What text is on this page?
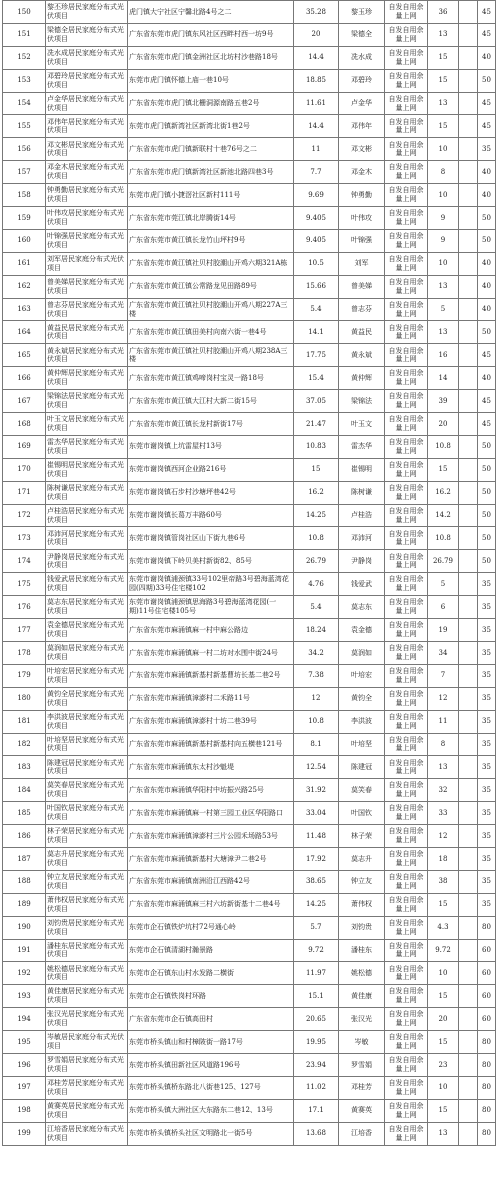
150	黎丕珍居民家庭分布式光伏项目	虎门镇大宁社区宁馨北路4号之二	35.28	黎玉珍	自发自用余量上网	36		45
151	梁德全居民家庭分布式光伏项目	广东省东莞市虎门镇东风社区西畔村西一坊9号	20	梁德全	自发自用余量上网	13		45
152	冼水成居民家庭分布式光伏项目	广东省东莞市虎门镇金洲社区北坊村沙巷路18号	14.4	冼水成	自发自用余量上网	15		40
153	邓碧玲居民家庭分布式光伏项目	东莞市虎门镇怀德上庙一巷10号	18.85	邓碧玲	自发自用余量上网	15		50
154	卢金华居民家庭分布式光伏项目	广东省东莞市虎门镇北栅洞源南路五巷2号	11.61	卢金华	自发自用余量上网	13		45
155	邓伟年居民家庭分布式光伏项目	东莞市虎门镇新湾社区新湾北街1巷2号	14.4	邓伟年	自发自用余量上网	15		45
156	邓文彬居民家庭分布式光伏项目	广东省东莞市虎门镇新联村十巷76号之二	11	邓文彬	自发自用余量上网	10		35
157	邓金木居民家庭分布式光伏项目	广东省东莞市虎门镇新湾社区新池北路四巷3号	7.7	邓金木	自发自用余量上网	8		40
158	钟勇勤居民家庭分布式光伏项目	东莞市虎门镇小捷滘社区新村111号	9.69	钟勇勤	自发自用余量上网	10		40
159	叶伟攻居民家庭分布式光伏项目	广东省东莞市莞江镇北岸腾街14号	9.405	叶伟攻	自发自用余量上网	9		50
160	叶锦强居民家庭分布式光伏项目	广东省东莞市黄江镇长龙竹山坪村9号	9.405	叶锦强	自发自用余量上网	9		50
161	刘军居民家庭分布式光伏项目	广东省东莞市黄江镇社贝村胶潮山开鸡六期321A栋	10.5	刘军	自发自用余量上网	10		40
162	曾美娣居民家庭分布式光伏项目	广东省东莞市黄江镇公常路龙见田路89号	15.66	曾美娣	自发自用余量上网	13		40
163	曾志芬居民家庭分布式光伏项目	广东省东莞市黄江镇社贝村胶潮山开鸡八期227A三楼	5.4	曾志芬	自发自用余量上网	5		40
164	黄益民居民家庭分布式光伏项目	广东省东莞市黄江镇田美村向南六街一巷4号	14.1	黄益民	自发自用余量上网	13		50
165	黄永斌居民家庭分布式光伏项目	广东省东莞市黄江镇社贝村胶潮山开鸡八期238A三楼	17.75	黄永斌	自发自用余量上网	16		45
166	黄仲辉居民家庭分布式光伏项目	广东省东莞市黄江镇鸡啼岗村宝灵一路18号	15.4	黄仲辉	自发自用余量上网	14		40
167	梁锦法居民家庭分布式光伏项目	广东省东莞市黄江镇大江村大新二街15号	37.05	梁锦法	自发自用余量上网	39		45
168	叶玉文居民家庭分布式光伏项目	广东省东莞市黄江镇长龙村新街17号	21.47	叶玉文	自发自用余量上网	20		45
169	雷杰华居民家庭分布式光伏项目	东莞市谢岗镇上坑雷屋村13号	10.83	雷杰华	自发自用余量上网	10.8		50
170	崔锡明居民家庭分布式光伏项目	东莞市谢岗镇西河企业路216号	15	崔锡明	自发自用余量上网	15		50
171	陈树谦居民家庭分布式光伏项目	东莞市谢岗镇石步村沙塘坪巷42号	16.2	陈树谦	自发自用余量上网	16.2		50
172	卢桂浩居民家庭分布式光伏项目	东莞市谢岗镇长葛万丰路60号	14.25	卢桂浩	自发自用余量上网	14.2		50
173	邓沛河居民家庭分布式光伏项目	东莞市谢岗镇管岗社区山下街九巷6号	10.8	邓沛河	自发自用余量上网	10.8		50
174	尹静岗居民家庭分布式光伏项目	东莞市谢岗镇下岭贝美村新街82、85号	26.79	尹静岗	自发自用余量上网	26.79		50
175	钱爱武居民家庭分布式光伏项目	东莞市谢岗镇浦颈镇33号102里帝路3号碧海蓝湾花园(四期)33号住宅楼102	4.76	钱爱武	自发自用余量上网	5		35
176	莫志东居民家庭分布式光伏项目	东莞市谢岗镇浦颈镇思海路3号碧海蓝湾花园(一期)11号住宅楼105号	5.4	莫志东	自发自用余量上网	6		35
177	袁金德居民家庭分布式光伏项目	广东省东莞市麻涌镇麻一村中麻公路边	18.24	袁金德	自发自用余量上网	19		35
178	莫润如居民家庭分布式光伏项目	广东省东莞市麻涌镇麻一村二坊对水围中街24号	34.2	莫润如	自发自用余量上网	34		35
179	叶培宏居民家庭分布式光伏项目	广东省东莞市麻涌镇新基村新基曹坊长基二巷2号	7.38	叶培宏	自发自用余量上网	7		35
180	黄钧全居民家庭分布式光伏项目	广东省东莞市麻涌镇漳澎村二禾路11号	12	黄钧全	自发自用余量上网	12		35
181	李洪波居民家庭分布式光伏项目	广东省东莞市麻涌镇漳澎村十坊二巷39号	10.8	李洪波	自发自用余量上网	11		35
182	叶培坚居民家庭分布式光伏项目	广东省东莞市麻涌镇新基村新基村向五横巷121号	8.1	叶培坚	自发自用余量上网	8		35
183	陈建冠居民家庭分布式光伏项目	广东省东莞市麻涌镇东太村沙魁堤	12.54	陈建冠	自发自用余量上网	13		35
184	莫笑春居民家庭分布式光伏项目	广东省东莞市麻涌镇华阳村中坊振兴路25号	31.92	莫笑春	自发自用余量上网	32		35
185	叶国钦居民家庭分布式光伏项目	广东省东莞市麻涌镇麻一村第三园工业区华阳路口	33.04	叶国钦	自发自用余量上网	33		35
186	林子荣居民家庭分布式光伏项目	广东省东莞市麻涌镇漳澎村三片公园禾场路53号	11.48	林子荣	自发自用余量上网	12		35
187	莫志升居民家庭分布式光伏项目	广东省东莞市麻涌镇新基村大塘漳尹二巷2号	17.92	莫志升	自发自用余量上网	18		35
188	钟立友居民家庭分布式光伏项目	广东省东莞市麻涌镇南洲沿江西路42号	38.65	钟立友	自发自用余量上网	38		35
189	萧伟权居民家庭分布式光伏项目	广东省东莞市麻涌镇麻三村六坊新街基十二巷4号	14.25	萧伟权	自发自用余量上网	15		35
190	刘钧贵居民家庭分布式光伏项目	东莞市企石镇铁炉坑村72号通心岭	5.7	刘钧贵	自发自用余量上网	4.3		80
191	潘桂东居民家庭分布式光伏项目	东莞市企石镇清湖村瀚景路	9.72	潘桂东	自发自用余量上网	9.72		60
192	姚松德居民家庭分布式光伏项目	东莞市企石镇东山村水发路二横街	11.97	姚松德	自发自用余量上网	10		60
193	黄佳康居民家庭分布式光伏项目	东莞市企石镇铁岗村环路	15.1	黄佳康	自发自用余量上网	15		60
194	张汉光居民家庭分布式光伏项目	广东省东莞市企石镇高田村	20.65	张汉光	自发自用余量上网	20		60
195	岑敏居民家庭分布式光伏项目	东莞市桥头镇山和村樟陂街一路17号	19.95	岑敏	自发自用余量上网	15		80
196	罗雪娟居民家庭分布式光伏项目	东莞市桥头镇田新社区风道路196号	23.94	罗雪娟	自发自用余量上网	23		80
197	邓桂芳居民家庭分布式光伏项目	东莞市桥头镇桥东路北八街巷125、127号	11.02	邓桂芳	自发自用余量上网	10		80
198	黄赛英居民家庭分布式光伏项目	东莞市桥头镇大洲社区大东路东二巷12、13号	17.1	黄赛英	自发自用余量上网	15		80
199	江培香居民家庭分布式光伏项目	东莞市桥头镇桥头社区文明路北一街5号	13.68	江培香	自发自用余量上网	13		80
